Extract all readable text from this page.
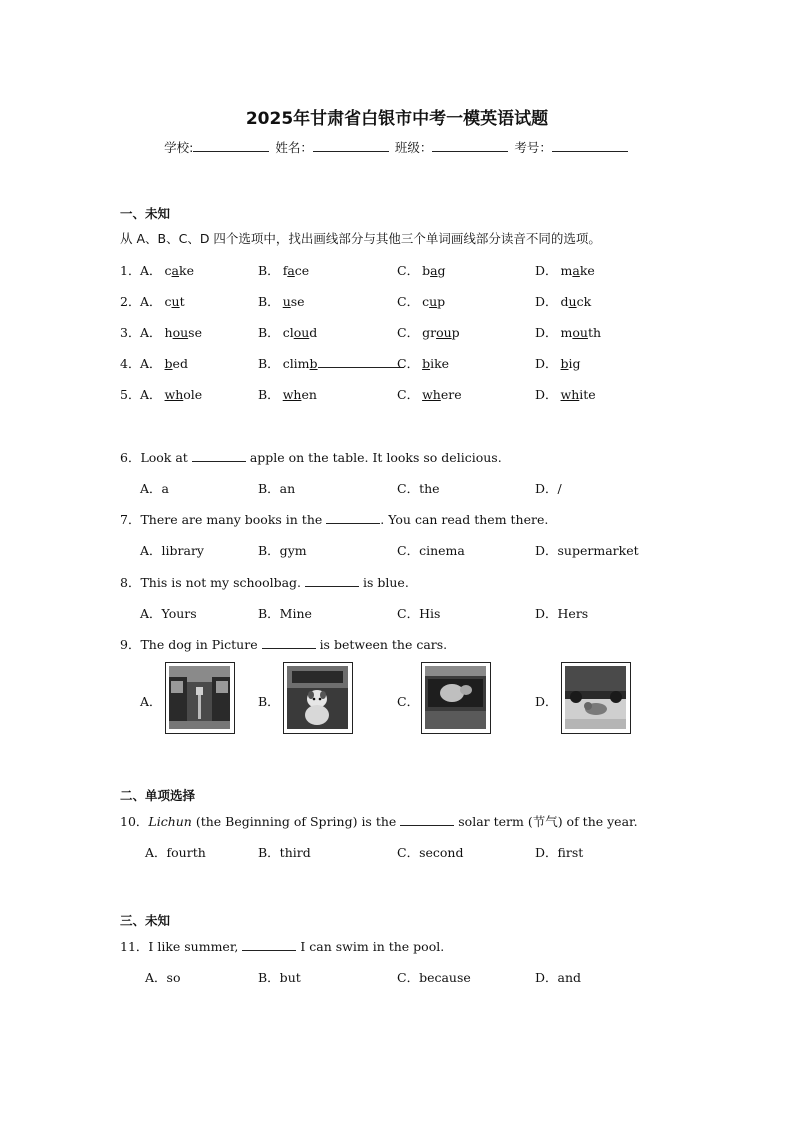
2025年甘肃省白银市中考一模英语试题
学校:	姓名：	班级：	考号：
一、未知
从 A、B、C、D 四个选项中，找出画线部分与其他三个单词画线部分读音不同的选项。
1． A． cake	B． face	C． bag	D． make
2． A． cut	B． use	C． cup	D． duck
3． A． house	B． cloud	C． group	D． mouth
4． A． bed	B． climb	C． bike	D． big
5． A． whole	B． when	C． where	D． white
6．Look at	apple on the table. It looks so delicious.
A．a	B．an	C．the	D．/
7．There are many books in the	. You can read them there.
A．library	B．gym	C．cinema	D．supermarket
8．This is not my schoolbag.	is blue.
A．Yours	B．Mine	C．His	D．Hers
9．The dog in Picture	is between the cars.
A．	B．	C．	D．
二、单项选择
10．Lichun (the Beginning of Spring) is the	solar term (节气) of the year.
A．fourth	B．third	C．second	D．first
三、未知
11．I like summer,	I can swim in the pool.
A．so	B．but	C．because	D．and
